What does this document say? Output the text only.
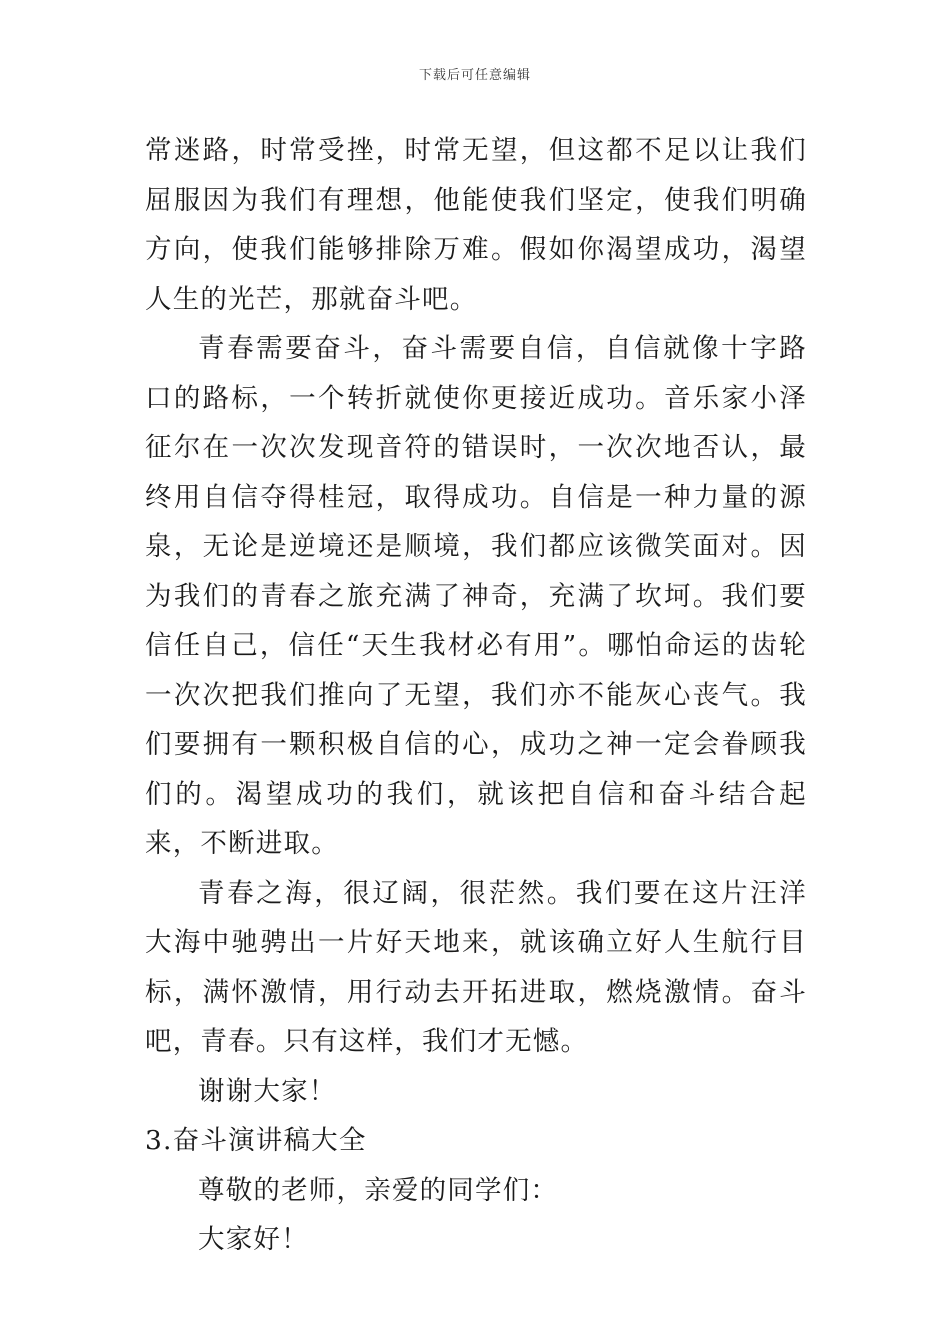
下载后可任意编辑

常迷路，时常受挫，时常无望，但这都不足以让我们屈服因为我们有理想，他能使我们坚定，使我们明确方向，使我们能够排除万难。假如你渴望成功，渴望人生的光芒，那就奋斗吧。

青春需要奋斗，奋斗需要自信，自信就像十字路口的路标，一个转折就使你更接近成功。音乐家小泽征尔在一次次发现音符的错误时，一次次地否认，最 终用自信夺得桂冠，取得成功。自信是一种力量的源泉，无论是逆境还是顺境，我们都应该微笑面对。因为我们的青春之旅充满了神奇，充满了坎坷。我们要信任自己，信任“天生我材必有用”。哪怕命运的齿轮一次次把我们推向了无望，我们亦不能灰心丧气。我们要拥有一颗积极自信的心，成功之神一定会眷顾我们的。渴望成功的我们，就该把自信和奋斗结合起来，不断进取。

青春之海，很辽阔，很茫然。我们要在这片汪洋大海中驰骋出一片好天地来，就该确立好人生航行目标，满怀激情，用行动去开拓进取，燃烧激情。奋斗吧，青春。只有这样，我们才无憾。

谢谢大家！

3.奋斗演讲稿大全

尊敬的老师，亲爱的同学们：

大家好！
